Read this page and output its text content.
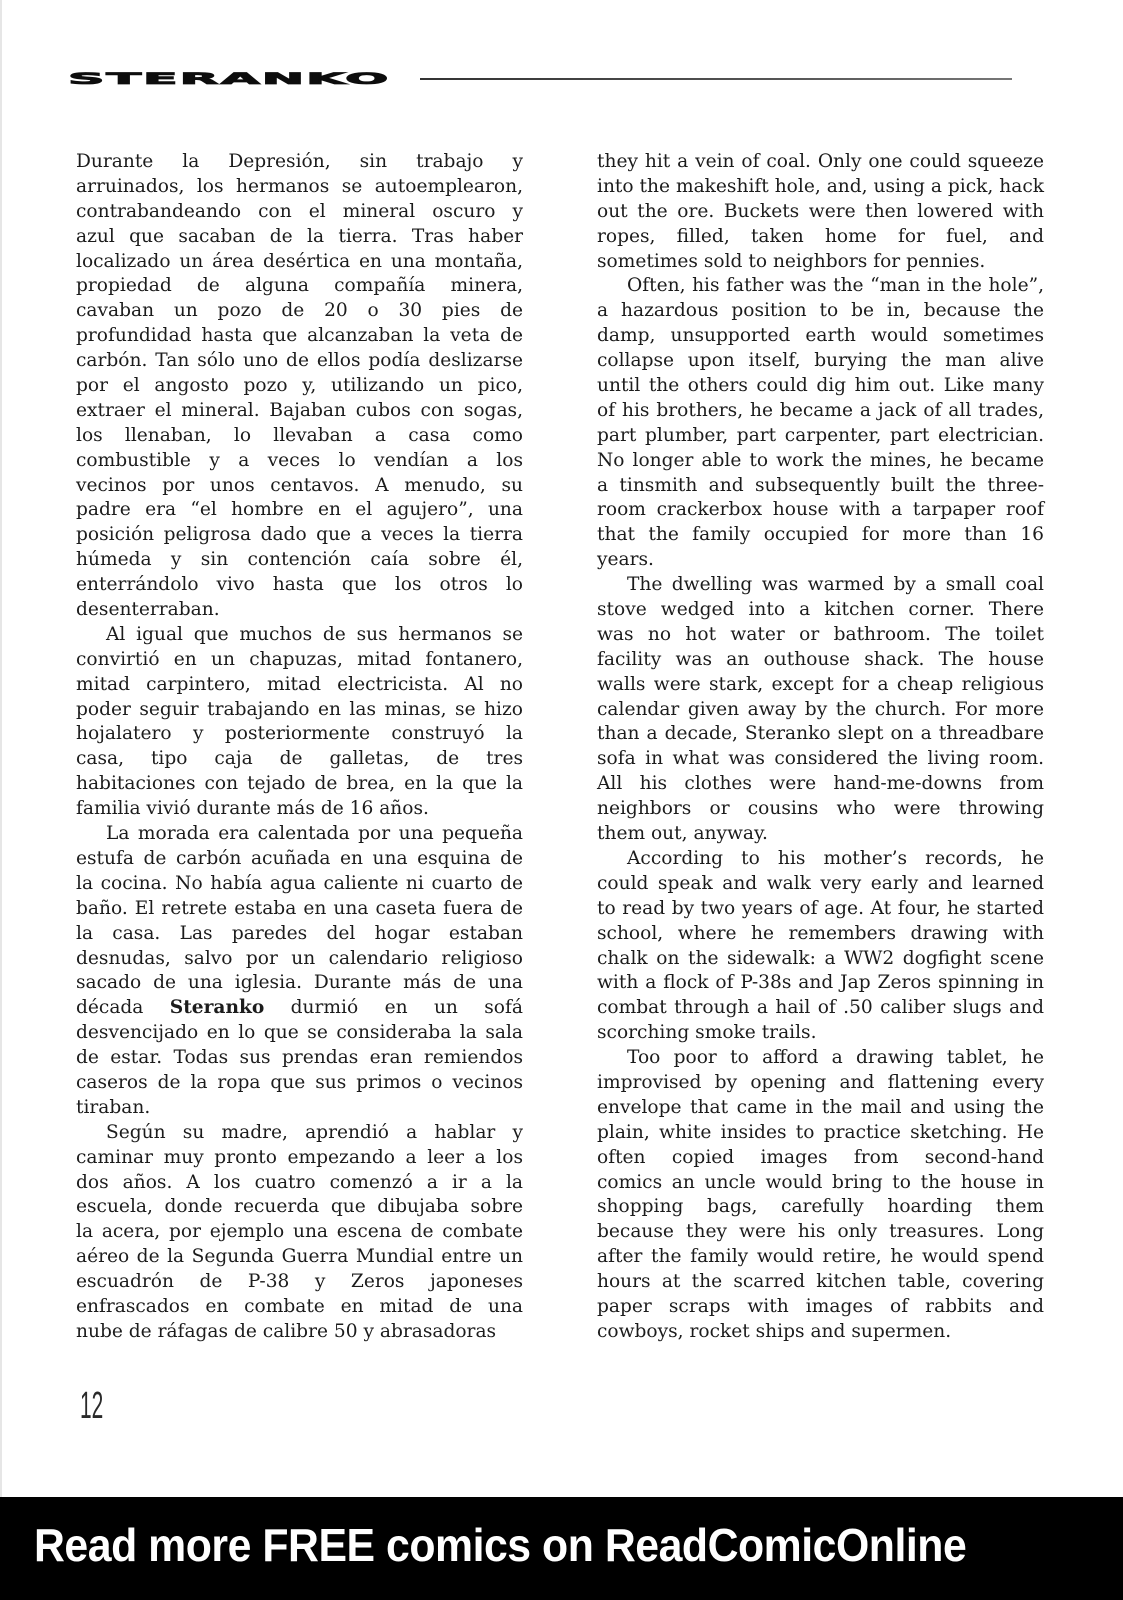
STERANKO
Durante la Depresión, sin trabajo y
arruinados, los hermanos se autoemplearon,
contrabandeando con el mineral oscuro y
azul que sacaban de la tierra. Tras haber
localizado un área desértica en una montaña,
propiedad de alguna compañía minera,
cavaban un pozo de 20 o 30 pies de
profundidad hasta que alcanzaban la veta de
carbón. Tan sólo uno de ellos podía deslizarse
por el angosto pozo y, utilizando un pico,
extraer el mineral. Bajaban cubos con sogas,
los llenaban, lo llevaban a casa como
combustible y a veces lo vendían a los
vecinos por unos centavos. A menudo, su
padre era “el hombre en el agujero”, una
posición peligrosa dado que a veces la tierra
húmeda y sin contención caía sobre él,
enterrándolo vivo hasta que los otros lo
desenterraban.
Al igual que muchos de sus hermanos se
convirtió en un chapuzas, mitad fontanero,
mitad carpintero, mitad electricista. Al no
poder seguir trabajando en las minas, se hizo
hojalatero y posteriormente construyó la
casa, tipo caja de galletas, de tres
habitaciones con tejado de brea, en la que la
familia vivió durante más de 16 años.
La morada era calentada por una pequeña
estufa de carbón acuñada en una esquina de
la cocina. No había agua caliente ni cuarto de
baño. El retrete estaba en una caseta fuera de
la casa. Las paredes del hogar estaban
desnudas, salvo por un calendario religioso
sacado de una iglesia. Durante más de una
década Steranko durmió en un sofá
desvencijado en lo que se consideraba la sala
de estar. Todas sus prendas eran remiendos
caseros de la ropa que sus primos o vecinos
tiraban.
Según su madre, aprendió a hablar y
caminar muy pronto empezando a leer a los
dos años. A los cuatro comenzó a ir a la
escuela, donde recuerda que dibujaba sobre
la acera, por ejemplo una escena de combate
aéreo de la Segunda Guerra Mundial entre un
escuadrón de P-38 y Zeros japoneses
enfrascados en combate en mitad de una
nube de ráfagas de calibre 50 y abrasadoras
they hit a vein of coal. Only one could squeeze
into the makeshift hole, and, using a pick, hack
out the ore. Buckets were then lowered with
ropes, filled, taken home for fuel, and
sometimes sold to neighbors for pennies.
Often, his father was the “man in the hole”,
a hazardous position to be in, because the
damp, unsupported earth would sometimes
collapse upon itself, burying the man alive
until the others could dig him out. Like many
of his brothers, he became a jack of all trades,
part plumber, part carpenter, part electrician.
No longer able to work the mines, he became
a tinsmith and subsequently built the three-
room crackerbox house with a tarpaper roof
that the family occupied for more than 16
years.
The dwelling was warmed by a small coal
stove wedged into a kitchen corner. There
was no hot water or bathroom. The toilet
facility was an outhouse shack. The house
walls were stark, except for a cheap religious
calendar given away by the church. For more
than a decade, Steranko slept on a threadbare
sofa in what was considered the living room.
All his clothes were hand-me-downs from
neighbors or cousins who were throwing
them out, anyway.
According to his mother’s records, he
could speak and walk very early and learned
to read by two years of age. At four, he started
school, where he remembers drawing with
chalk on the sidewalk: a WW2 dogfight scene
with a flock of P-38s and Jap Zeros spinning in
combat through a hail of .50 caliber slugs and
scorching smoke trails.
Too poor to afford a drawing tablet, he
improvised by opening and flattening every
envelope that came in the mail and using the
plain, white insides to practice sketching. He
often copied images from second-hand
comics an uncle would bring to the house in
shopping bags, carefully hoarding them
because they were his only treasures. Long
after the family would retire, he would spend
hours at the scarred kitchen table, covering
paper scraps with images of rabbits and
cowboys, rocket ships and supermen.
12
Read more FREE comics on ReadComicOnline
